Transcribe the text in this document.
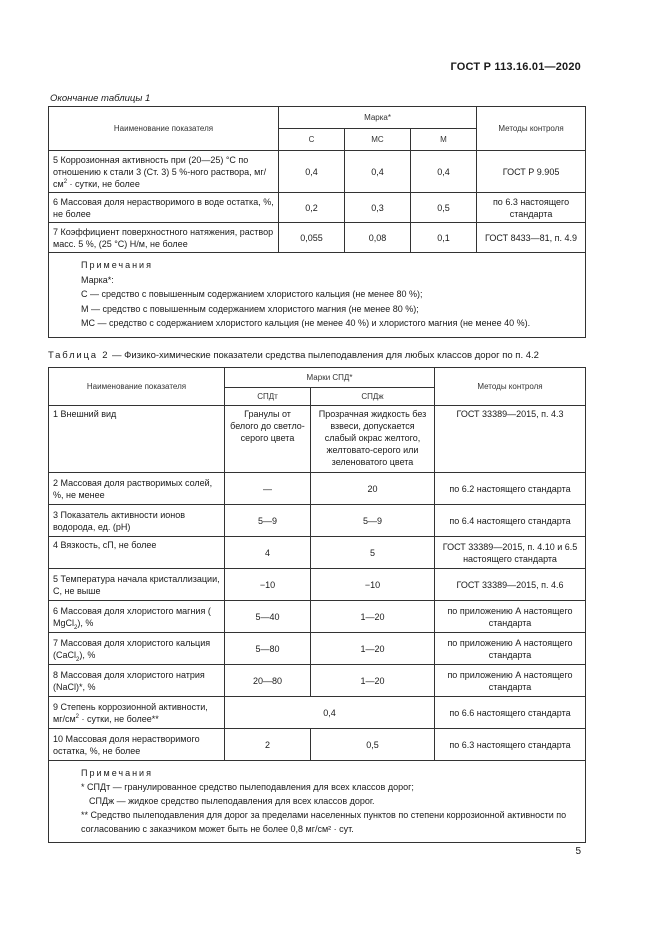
ГОСТ Р 113.16.01—2020
Окончание таблицы 1
Наименование показателя	Марка*			Методы контроля
	С	МС	М	
5 Коррозионная активность при (20—25) °С по отношению к стали 3 (Ст. 3) 5 %-ного раствора, $мг/см^2$ · сутки, не более	0,4	0,4	0,4	ГОСТ Р 9.905
6 Массовая доля нерастворимого в воде остатка, %, не более	0,2	0,3	0,5	по 6.3 настоящего стандарта
7 Коэффициент поверхностного натяжения, раствор масс. 5 %, (25 °С) Н/м, не более	0,055	0,08	0,1	ГОСТ 8433—81, п. 4.9

Примечания
Марка*:
С — средство с повышенным содержанием хлористого кальция (не менее 80 %);
М — средство с повышенным содержанием хлористого магния (не менее 80 %);
МС — средство с содержанием хлористого кальция (не менее 40 %) и хлористого магния (не менее 40 %).				
Таблица 2 — Физико-химические показатели средства пылеподавления для любых классов дорог по п. 4.2
Наименование показателя	Марки СПД*		Методы контроля
	СПДт	СПДж	
1 Внешний вид	Гранулы от белого до светло-серого цвета	Прозрачная жидкость без взвеси, допускается слабый окрас желтого, желтовато-серого или зеленоватого цвета	ГОСТ 33389—2015, п. 4.3
2 Массовая доля растворимых солей, %, не менее	—	20	по 6.2 настоящего стандарта
3 Показатель активности ионов водорода, ед. (pH)	5—9	5—9	по 6.4 настоящего стандарта
4 Вязкость, сП, не более	4	5	ГОСТ 33389—2015, п. 4.10 и 6.5 настоящего стандарта
5 Температура начала кристаллизации, С, не выше	−10	−10	ГОСТ 33389—2015, п. 4.6
6 Массовая доля хлористого магния ( MgCl$_2$), %	5—40	1—20	по приложению А настоящего стандарта
7 Массовая доля хлористого кальция (CaCl$_2$), %	5—80	1—20	по приложению А настоящего стандарта
8 Массовая доля хлористого натрия (NaCl)*, %	20—80	1—20	по приложению А настоящего стандарта
9 Степень коррозионной активности, $мг/см^2$ · сутки, не более**	0,4		по 6.6 настоящего стандарта
10 Массовая доля нерастворимого остатка, %, не более	2	0,5	по 6.3 настоящего стандарта

Примечания
* СПДт — гранулированное средство пылеподавления для всех классов дорог;
СПДж — жидкое средство пылеподавления для всех классов дорог.
** Средство пылеподавления для дорог за пределами населенных пунктов по степени коррозионной активности по согласованию с заказчиком может быть не более 0,8 мг/см² · сут.			
5
